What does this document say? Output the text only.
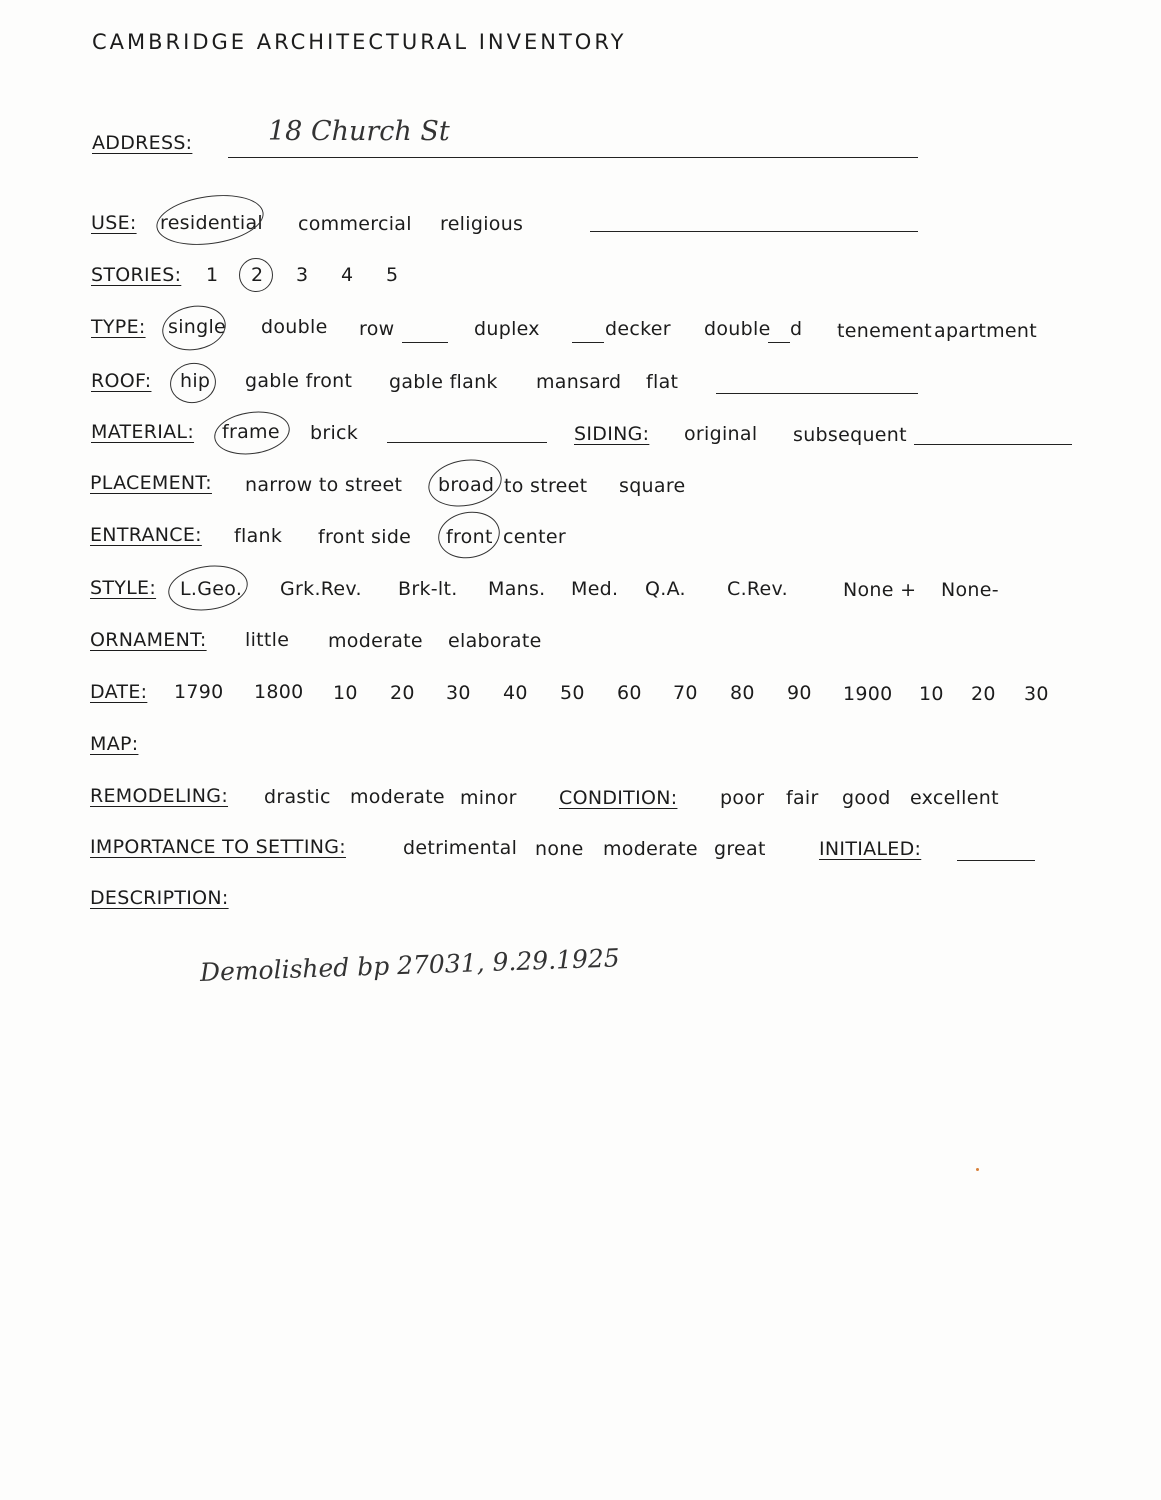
CAMBRIDGE ARCHITECTURAL INVENTORY
ADDRESS:	18 Church St
USE: residential commercial religious
STORIES: 1 2 3 4 5
TYPE: single double row	duplex	decker double d tenement apartment
ROOF: hip gable front gable flank mansard flat
MATERIAL: frame brick	SIDING: original subsequent
PLACEMENT: narrow to street broad to street square
ENTRANCE: flank front side front center
STYLE: L.Geo. Grk.Rev. Brk-lt. Mans. Med. Q.A. C.Rev.	None + None-
ORNAMENT: little moderate elaborate
DATE: 1790 1800 10 20 30 40 50 60 70 80 90 1900 10 20 30
MAP:
REMODELING: drastic moderate minor CONDITION: poor fair good excellent
IMPORTANCE TO SETTING:	detrimental none moderate great	INITIALED:
DESCRIPTION:
Demolished bp 27031, 9.29.1925
